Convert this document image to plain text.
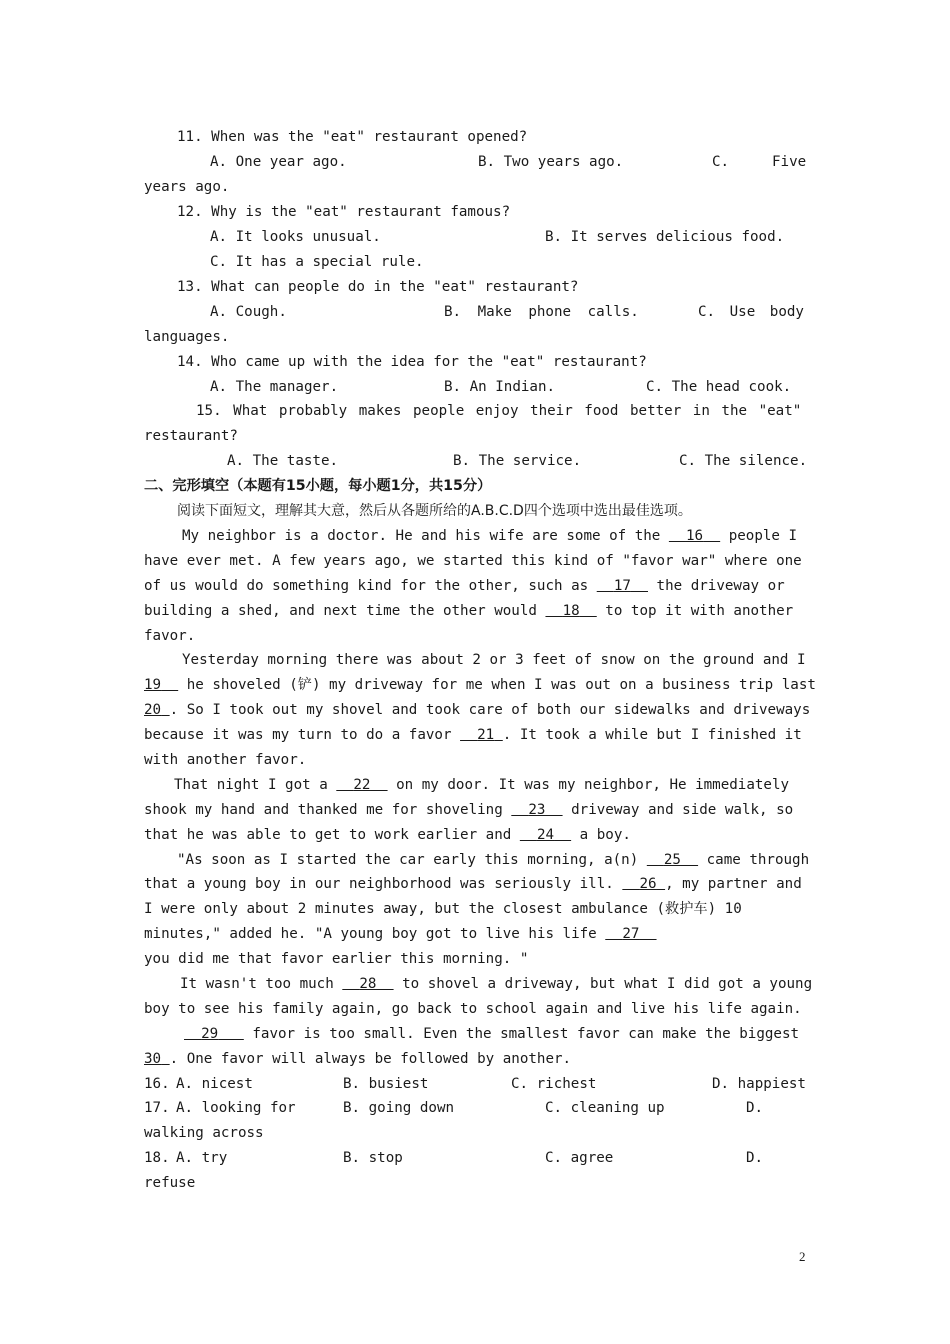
11. When was the "eat" restaurant opened?
A. One year ago.	B. Two years ago.	C.	Five
years ago.
12. Why is the "eat" restaurant famous?
A. It looks unusual.	B. It serves delicious food.
C. It has a special rule.
13. What can people do in the "eat" restaurant?
A. Cough.	B. Make phone calls.	C. Use body
languages.
14. Who came up with the idea for the "eat" restaurant?
A. The manager.	B. An Indian.	C. The head cook.
15. What probably makes people enjoy their food better in the "eat"
restaurant?
A. The taste.	B. The service.	C. The silence.
二、完形填空（本题有15小题，每小题1分，共15分）
阅读下面短文，理解其大意，然后从各题所给的A.B.C.D四个选项中选出最佳选项。
My neighbor is a doctor. He and his wife are some of the 16 people I
have ever met. A few years ago, we started this kind of "favor war" where one
of us would do something kind for the other, such as 17 the driveway or
building a shed, and next time the other would 18 to top it with another
favor.
Yesterday morning there was about 2 or 3 feet of snow on the ground and I
19 he shoveled (铲) my driveway for me when I was out on a business trip last
20 . So I took out my shovel and took care of both our sidewalks and driveways
because it was my turn to do a favor 21 . It took a while but I finished it
with another favor.
That night I got a 22 on my door. It was my neighbor, He immediately
shook my hand and thanked me for shoveling 23 driveway and side walk, so
that he was able to get to work earlier and 24 a boy.
"As soon as I started the car early this morning, a(n) 25 came through
that a young boy in our neighborhood was seriously ill. 26 , my partner and
I were only about 2 minutes away, but the closest ambulance (救护车) 10
minutes," added he. "A young boy got to live his life 27
you did me that favor earlier this morning. "
It wasn't too much 28 to shovel a driveway, but what I did got a young
boy to see his family again, go back to school again and live his life again.
29 favor is too small. Even the smallest favor can make the biggest
30 . One favor will always be followed by another.
16. A. nicest	B. busiest	C. richest	D. happiest
17. A. looking for	B. going down	C. cleaning up	D.
walking across
18. A. try	B. stop	C. agree	D.
refuse
2
